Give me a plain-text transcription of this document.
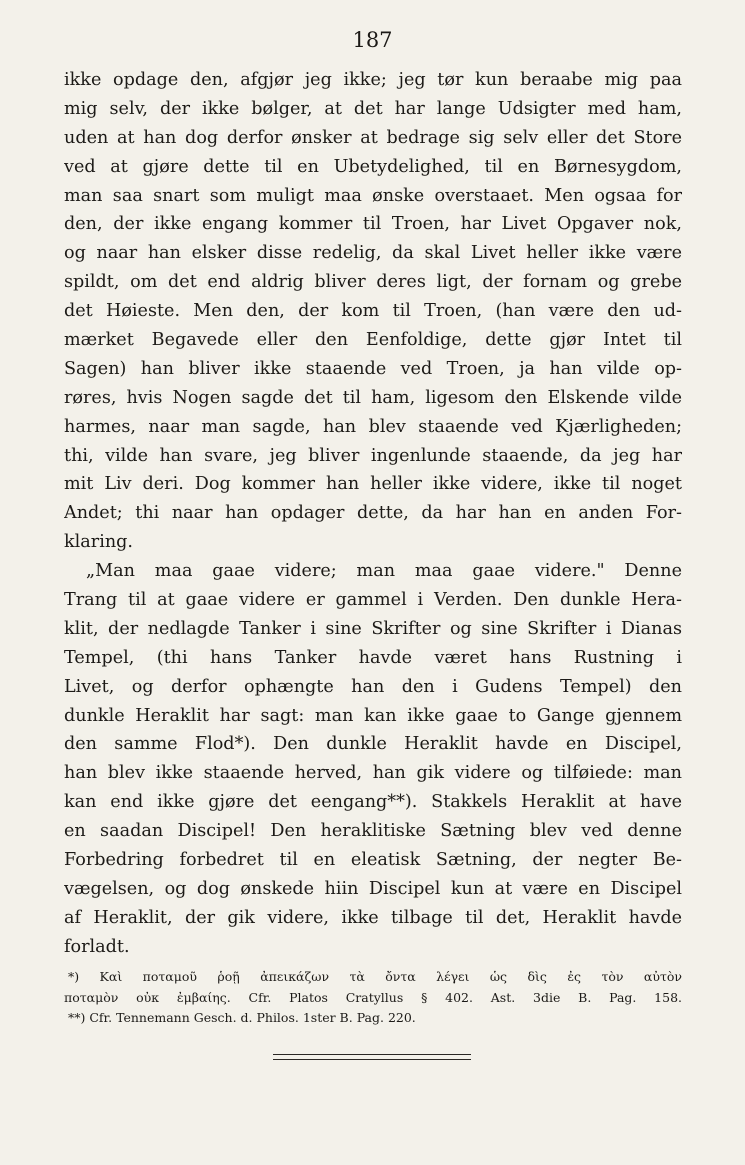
187
ikke opdage den, afgjør jeg ikke; jeg tør kun beraabe mig paa
mig selv, der ikke bølger, at det har lange Udsigter med ham,
uden at han dog derfor ønsker at bedrage sig selv eller det Store
ved at gjøre dette til en Ubetydelighed, til en Børnesygdom,
man saa snart som muligt maa ønske overstaaet. Men ogsaa for
den, der ikke engang kommer til Troen, har Livet Opgaver nok,
og naar han elsker disse redelig, da skal Livet heller ikke være
spildt, om det end aldrig bliver deres ligt, der fornam og grebe
det Høieste. Men den, der kom til Troen, (han være den ud-
mærket Begavede eller den Eenfoldige, dette gjør Intet til
Sagen) han bliver ikke staaende ved Troen, ja han vilde op-
røres, hvis Nogen sagde det til ham, ligesom den Elskende vilde
harmes, naar man sagde, han blev staaende ved Kjærligheden;
thi, vilde han svare, jeg bliver ingenlunde staaende, da jeg har
mit Liv deri. Dog kommer han heller ikke videre, ikke til noget
Andet; thi naar han opdager dette, da har han en anden For-
klaring.
„Man maa gaae videre; man maa gaae videre." Denne
Trang til at gaae videre er gammel i Verden. Den dunkle Hera-
klit, der nedlagde Tanker i sine Skrifter og sine Skrifter i Dianas
Tempel, (thi hans Tanker havde været hans Rustning i
Livet, og derfor ophængte han den i Gudens Tempel) den
dunkle Heraklit har sagt: man kan ikke gaae to Gange gjennem
den samme Flod*). Den dunkle Heraklit havde en Discipel,
han blev ikke staaende herved, han gik videre og tilføiede: man
kan end ikke gjøre det eengang**). Stakkels Heraklit at have
en saadan Discipel! Den heraklitiske Sætning blev ved denne
Forbedring forbedret til en eleatisk Sætning, der negter Be-
vægelsen, og dog ønskede hiin Discipel kun at være en Discipel
af Heraklit, der gik videre, ikke tilbage til det, Heraklit havde
forladt.
*) Καὶ ποταμοῦ ῥοῇ ἀπεικάζων τὰ ὄντα λέγει ὡς δὶς ἐς τὸν αὐτὸν
ποταμὸν οὐκ ἐμβαίης. Cfr. Platos Cratyllus § 402. Ast. 3die B. Pag. 158.
**) Cfr. Tennemann Gesch. d. Philos. 1ster B. Pag. 220.
